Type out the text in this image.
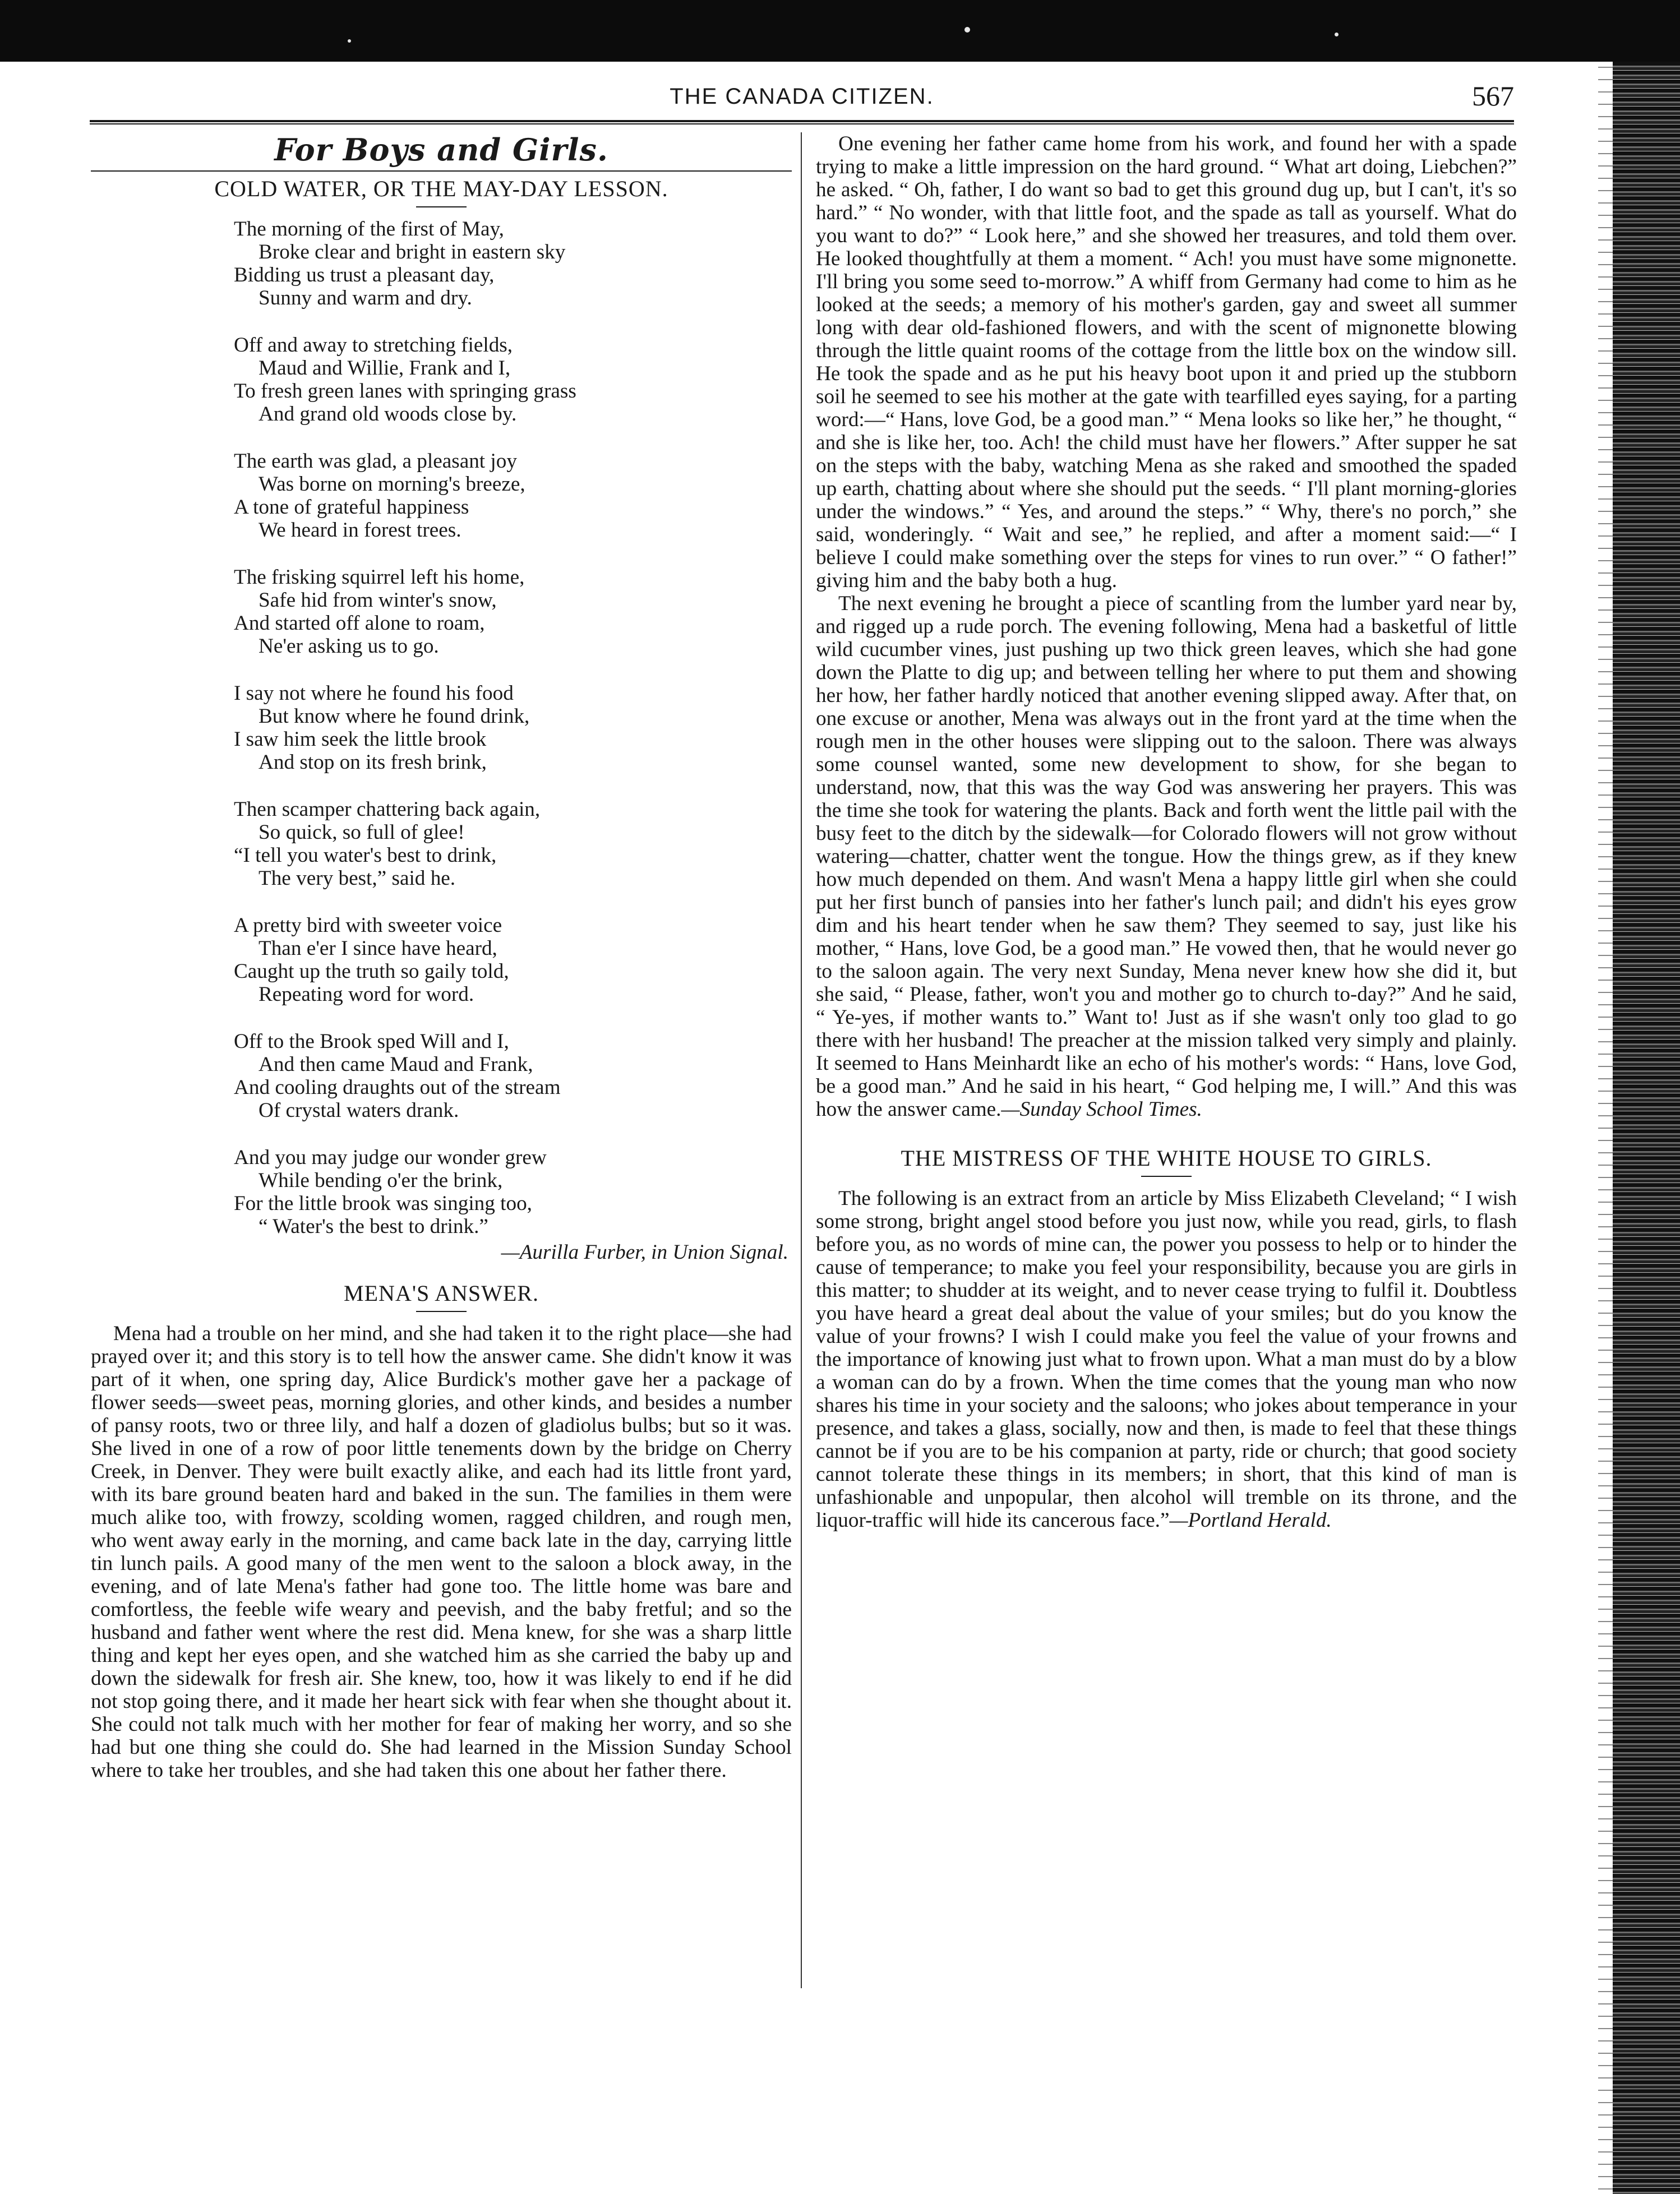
THE CANADA CITIZEN.	567
For Boys and Girls.
COLD WATER, OR THE MAY-DAY LESSON.
The morning of the first of May,
Broke clear and bright in eastern sky
Bidding us trust a pleasant day,
Sunny and warm and dry.
Off and away to stretching fields,
Maud and Willie, Frank and I,
To fresh green lanes with springing grass
And grand old woods close by.
The earth was glad, a pleasant joy
Was borne on morning's breeze,
A tone of grateful happiness
We heard in forest trees.
The frisking squirrel left his home,
Safe hid from winter's snow,
And started off alone to roam,
Ne'er asking us to go.
I say not where he found his food
But know where he found drink,
I saw him seek the little brook
And stop on its fresh brink,
Then scamper chattering back again,
So quick, so full of glee!
“I tell you water's best to drink,
The very best,” said he.
A pretty bird with sweeter voice
Than e'er I since have heard,
Caught up the truth so gaily told,
Repeating word for word.
Off to the Brook sped Will and I,
And then came Maud and Frank,
And cooling draughts out of the stream
Of crystal waters drank.
And you may judge our wonder grew
While bending o'er the brink,
For the little brook was singing too,
“ Water's the best to drink.”
—Aurilla Furber, in Union Signal.
MENA'S ANSWER.

Mena had a trouble on her mind, and she had taken it to the right place—she had prayed over it; and this story is to tell how the answer came. She didn't know it was part of it when, one spring day, Alice Burdick's mother gave her a package of flower seeds—sweet peas, morning glories, and other kinds, and besides a number of pansy roots, two or three lily, and half a dozen of gladiolus bulbs; but so it was. She lived in one of a row of poor little tenements down by the bridge on Cherry Creek, in Denver. They were built exactly alike, and each had its little front yard, with its bare ground beaten hard and baked in the sun. The families in them were much alike too, with frowzy, scolding women, ragged children, and rough men, who went away early in the morning, and came back late in the day, carrying little tin lunch pails. A good many of the men went to the saloon a block away, in the evening, and of late Mena's father had gone too. The little home was bare and comfortless, the feeble wife weary and peevish, and the baby fretful; and so the husband and father went where the rest did. Mena knew, for she was a sharp little thing and kept her eyes open, and she watched him as she carried the baby up and down the sidewalk for fresh air. She knew, too, how it was likely to end if he did not stop going there, and it made her heart sick with fear when she thought about it. She could not talk much with her mother for fear of making her worry, and so she had but one thing she could do. She had learned in the Mission Sunday School where to take her troubles, and she had taken this one about her father there.

One evening her father came home from his work, and found her with a spade trying to make a little impression on the hard ground. “ What art doing, Liebchen?” he asked. “ Oh, father, I do want so bad to get this ground dug up, but I can't, it's so hard.” “ No wonder, with that little foot, and the spade as tall as yourself. What do you want to do?” “ Look here,” and she showed her treasures, and told them over. He looked thoughtfully at them a moment. “ Ach! you must have some mignonette. I'll bring you some seed to-morrow.” A whiff from Germany had come to him as he looked at the seeds; a memory of his mother's garden, gay and sweet all summer long with dear old-fashioned flowers, and with the scent of mignonette blowing through the little quaint rooms of the cottage from the little box on the window sill. He took the spade and as he put his heavy boot upon it and pried up the stubborn soil he seemed to see his mother at the gate with tearfilled eyes saying, for a parting word:—“ Hans, love God, be a good man.” “ Mena looks so like her,” he thought, “ and she is like her, too. Ach! the child must have her flowers.” After supper he sat on the steps with the baby, watching Mena as she raked and smoothed the spaded up earth, chatting about where she should put the seeds. “ I'll plant morning-glories under the windows.” “ Yes, and around the steps.” “ Why, there's no porch,” she said, wonderingly. “ Wait and see,” he replied, and after a moment said:—“ I believe I could make something over the steps for vines to run over.” “ O father!” giving him and the baby both a hug.

The next evening he brought a piece of scantling from the lumber yard near by, and rigged up a rude porch. The evening following, Mena had a basketful of little wild cucumber vines, just pushing up two thick green leaves, which she had gone down the Platte to dig up; and between telling her where to put them and showing her how, her father hardly noticed that another evening slipped away. After that, on one excuse or another, Mena was always out in the front yard at the time when the rough men in the other houses were slipping out to the saloon. There was always some counsel wanted, some new development to show, for she began to understand, now, that this was the way God was answering her prayers. This was the time she took for watering the plants. Back and forth went the little pail with the busy feet to the ditch by the sidewalk—for Colorado flowers will not grow without watering—chatter, chatter went the tongue. How the things grew, as if they knew how much depended on them. And wasn't Mena a happy little girl when she could put her first bunch of pansies into her father's lunch pail; and didn't his eyes grow dim and his heart tender when he saw them? They seemed to say, just like his mother, “ Hans, love God, be a good man.” He vowed then, that he would never go to the saloon again. The very next Sunday, Mena never knew how she did it, but she said, “ Please, father, won't you and mother go to church to-day?” And he said, “ Ye-yes, if mother wants to.” Want to! Just as if she wasn't only too glad to go there with her husband! The preacher at the mission talked very simply and plainly. It seemed to Hans Meinhardt like an echo of his mother's words: “ Hans, love God, be a good man.” And he said in his heart, “ God helping me, I will.” And this was how the answer came.—Sunday School Times.

THE MISTRESS OF THE WHITE HOUSE TO GIRLS.

The following is an extract from an article by Miss Elizabeth Cleveland; “ I wish some strong, bright angel stood before you just now, while you read, girls, to flash before you, as no words of mine can, the power you possess to help or to hinder the cause of temperance; to make you feel your responsibility, because you are girls in this matter; to shudder at its weight, and to never cease trying to fulfil it. Doubtless you have heard a great deal about the value of your smiles; but do you know the value of your frowns? I wish I could make you feel the value of your frowns and the importance of knowing just what to frown upon. What a man must do by a blow a woman can do by a frown. When the time comes that the young man who now shares his time in your society and the saloons; who jokes about temperance in your presence, and takes a glass, socially, now and then, is made to feel that these things cannot be if you are to be his companion at party, ride or church; that good society cannot tolerate these things in its members; in short, that this kind of man is unfashionable and unpopular, then alcohol will tremble on its throne, and the liquor-traffic will hide its cancerous face.”—Portland Herald.
